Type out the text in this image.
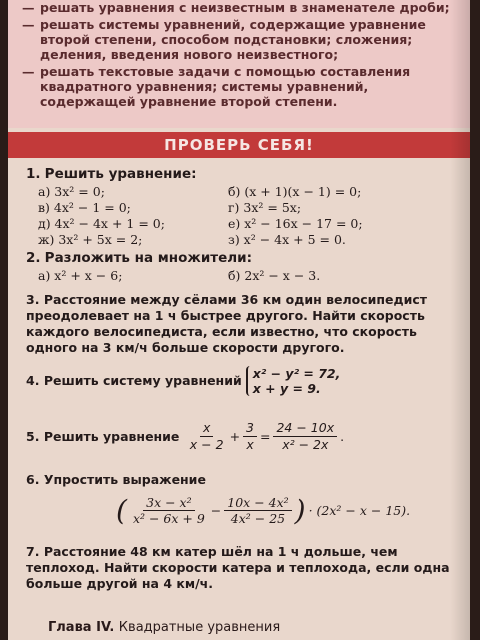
— решать уравнения с неизвестным в знаменателе дроби;

— решать системы уравнений, содержащие уравнение второй степени, способом подстановки; сложения; деления, введения нового неизвестного;

— решать текстовые задачи с помощью составления квадратного уравнения; системы уравнений, содержащей уравнение второй степени.

ПРОВЕРЬ СЕБЯ!
1. Решить уравнение:
а) 3x² = 0;	б) (x + 1)(x − 1) = 0;
в) 4x² − 1 = 0;	г) 3x² = 5x;
д) 4x² − 4x + 1 = 0;	е) x² − 16x − 17 = 0;
ж) 3x² + 5x = 2;	з) x² − 4x + 5 = 0.
2. Разложить на множители:
а) x² + x − 6;	б) 2x² − x − 3.
3. Расстояние между сёлами 36 км один велосипедист преодолевает на 1 ч быстрее другого. Найти скорость каждого велосипедиста, если известно, что скорость одного на 3 км/ч больше скорости другого.
4.
Решить систему уравнений x² − y² = 72,
x + y = 9.
5.
Решить уравнение
$\frac{x}{x - 2} + \frac{3}{x} = \frac{24 - 10x}{\text{x² − 2x}}$ .
6. Упростить выражение
( $\frac{\text{3x − x²}}{\text{x² − 6x + 9}} - \frac{\text{10x − 4x²}}{\text{4x² − 25}}$ ) · (2x² − x − 15).
7. Расстояние 48 км катер шёл на 1 ч дольше, чем теплоход. Найти скорости катера и теплохода, если одна больше другой на 4 км/ч.
Глава IV. Квадратные уравнения
